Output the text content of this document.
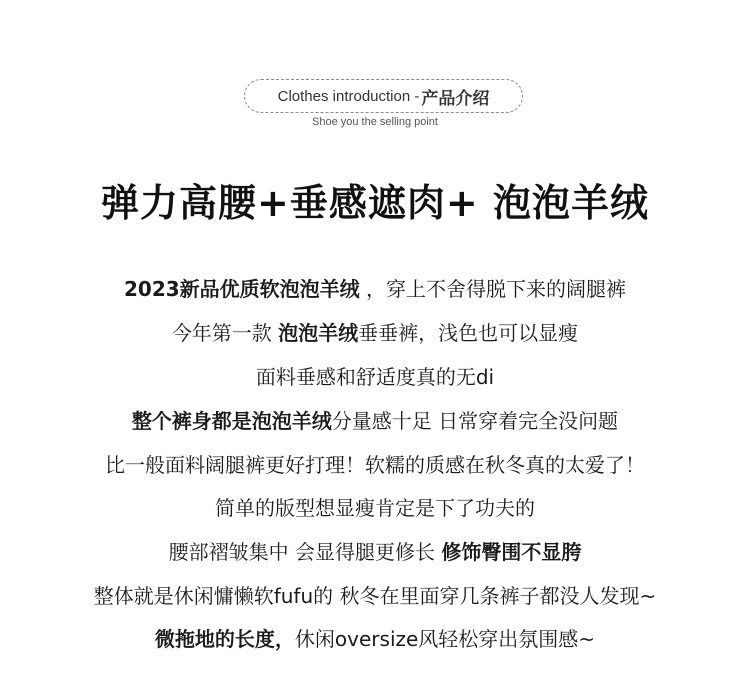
Clothes introduction - 产品介绍
Shoe you the selling point
弹力高腰+垂感遮肉+ 泡泡羊绒
2023新品优质软泡泡羊绒 ，穿上不舍得脱下来的阔腿裤
今年第一款 泡泡羊绒垂垂裤，浅色也可以显瘦
面料垂感和舒适度真的无di
整个裤身都是泡泡羊绒分量感十足 日常穿着完全没问题
比一般面料阔腿裤更好打理！软糯的质感在秋冬真的太爱了！
简单的版型想显瘦肯定是下了功夫的
腰部褶皱集中 会显得腿更修长 修饰臀围不显胯
整体就是休闲慵懒软fufu的 秋冬在里面穿几条裤子都没人发现~
微拖地的长度，休闲oversize风轻松穿出氛围感~
